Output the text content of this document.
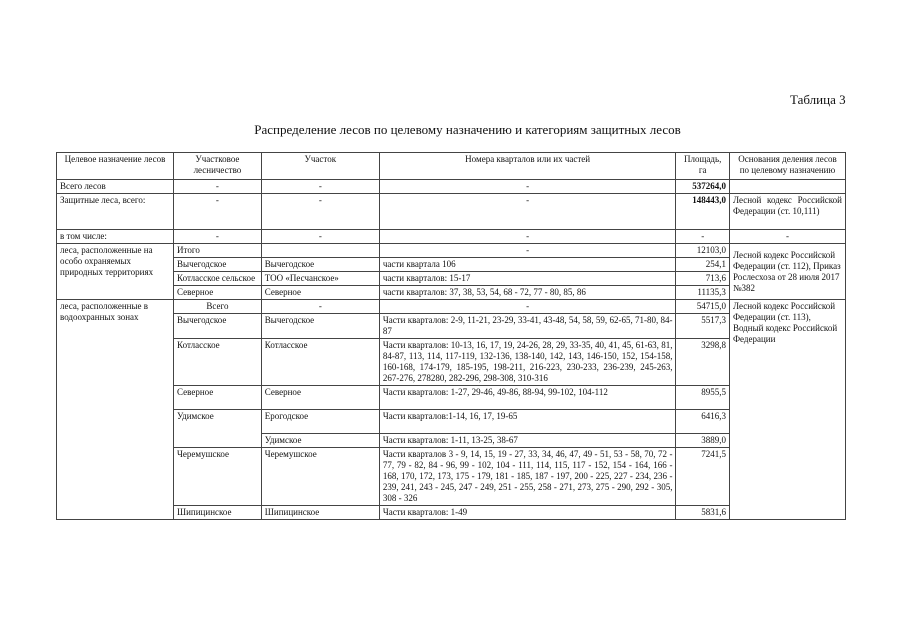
Таблица 3
Распределение лесов по целевому назначению и категориям защитных лесов
Целевое назначение лесов	Участковое лесничество	Участок	Номера кварталов или их частей	Площадь, га	Основания деления лесов по целевому назначению
Всего лесов	-	-	-	537264,0	
Защитные леса, всего:	-	-	-	148443,0	Лесной кодекс Российской Федерации (ст. 10,111)
в том числе:	-	-	-	-	-
леса, расположенные на особо охраняемых природных территориях	Итого		-	12103,0	Лесной кодекс Российской Федерации (ст. 112), Приказ Рослесхоза от 28 июля 2017 №382
	Вычегодское	Вычегодское	части квартала 106	254,1	
	Котласское сельское	ТОО «Песчанское»	части кварталов: 15-17	713,6	
	Северное	Северное	части кварталов: 37, 38, 53, 54, 68 - 72, 77 - 80, 85, 86	11135,3	
леса, расположенные в водоохранных зонах	Всего	-	-	54715,0	Лесной кодекс Российской Федерации (ст. 113), Водный кодекс Российской Федерации
	Вычегодское	Вычегодское	Части кварталов: 2-9, 11-21, 23-29, 33-41, 43-48, 54, 58, 59, 62-65, 71-80, 84-87	5517,3	
	Котласское	Котласское	Части кварталов: 10-13, 16, 17, 19, 24-26, 28, 29, 33-35, 40, 41, 45, 61-63, 81, 84-87, 113, 114, 117-119, 132-136, 138-140, 142, 143, 146-150, 152, 154-158, 160-168, 174-179, 185-195, 198-211, 216-223, 230-233, 236-239, 245-263, 267-276, 278280, 282-296, 298-308, 310-316	3298,8	
	Северное	Северное	Части кварталов: 1-27, 29-46, 49-86, 88-94, 99-102, 104-112	8955,5	
	Удимское	Ерогодское	Части кварталов:1-14, 16, 17, 19-65	6416,3	
		Удимское	Части кварталов: 1-11, 13-25, 38-67	3889,0	
	Черемушское	Черемушское	Части кварталов 3 - 9, 14, 15, 19 - 27, 33, 34, 46, 47, 49 - 51, 53 - 58, 70, 72 - 77, 79 - 82, 84 - 96, 99 - 102, 104 - 111, 114, 115, 117 - 152, 154 - 164, 166 - 168, 170, 172, 173, 175 - 179, 181 - 185, 187 - 197, 200 - 225, 227 - 234, 236 - 239, 241, 243 - 245, 247 - 249, 251 - 255, 258 - 271, 273, 275 - 290, 292 - 305, 308 - 326	7241,5	
	Шипицинское	Шипицинское	Части кварталов: 1-49	5831,6	
